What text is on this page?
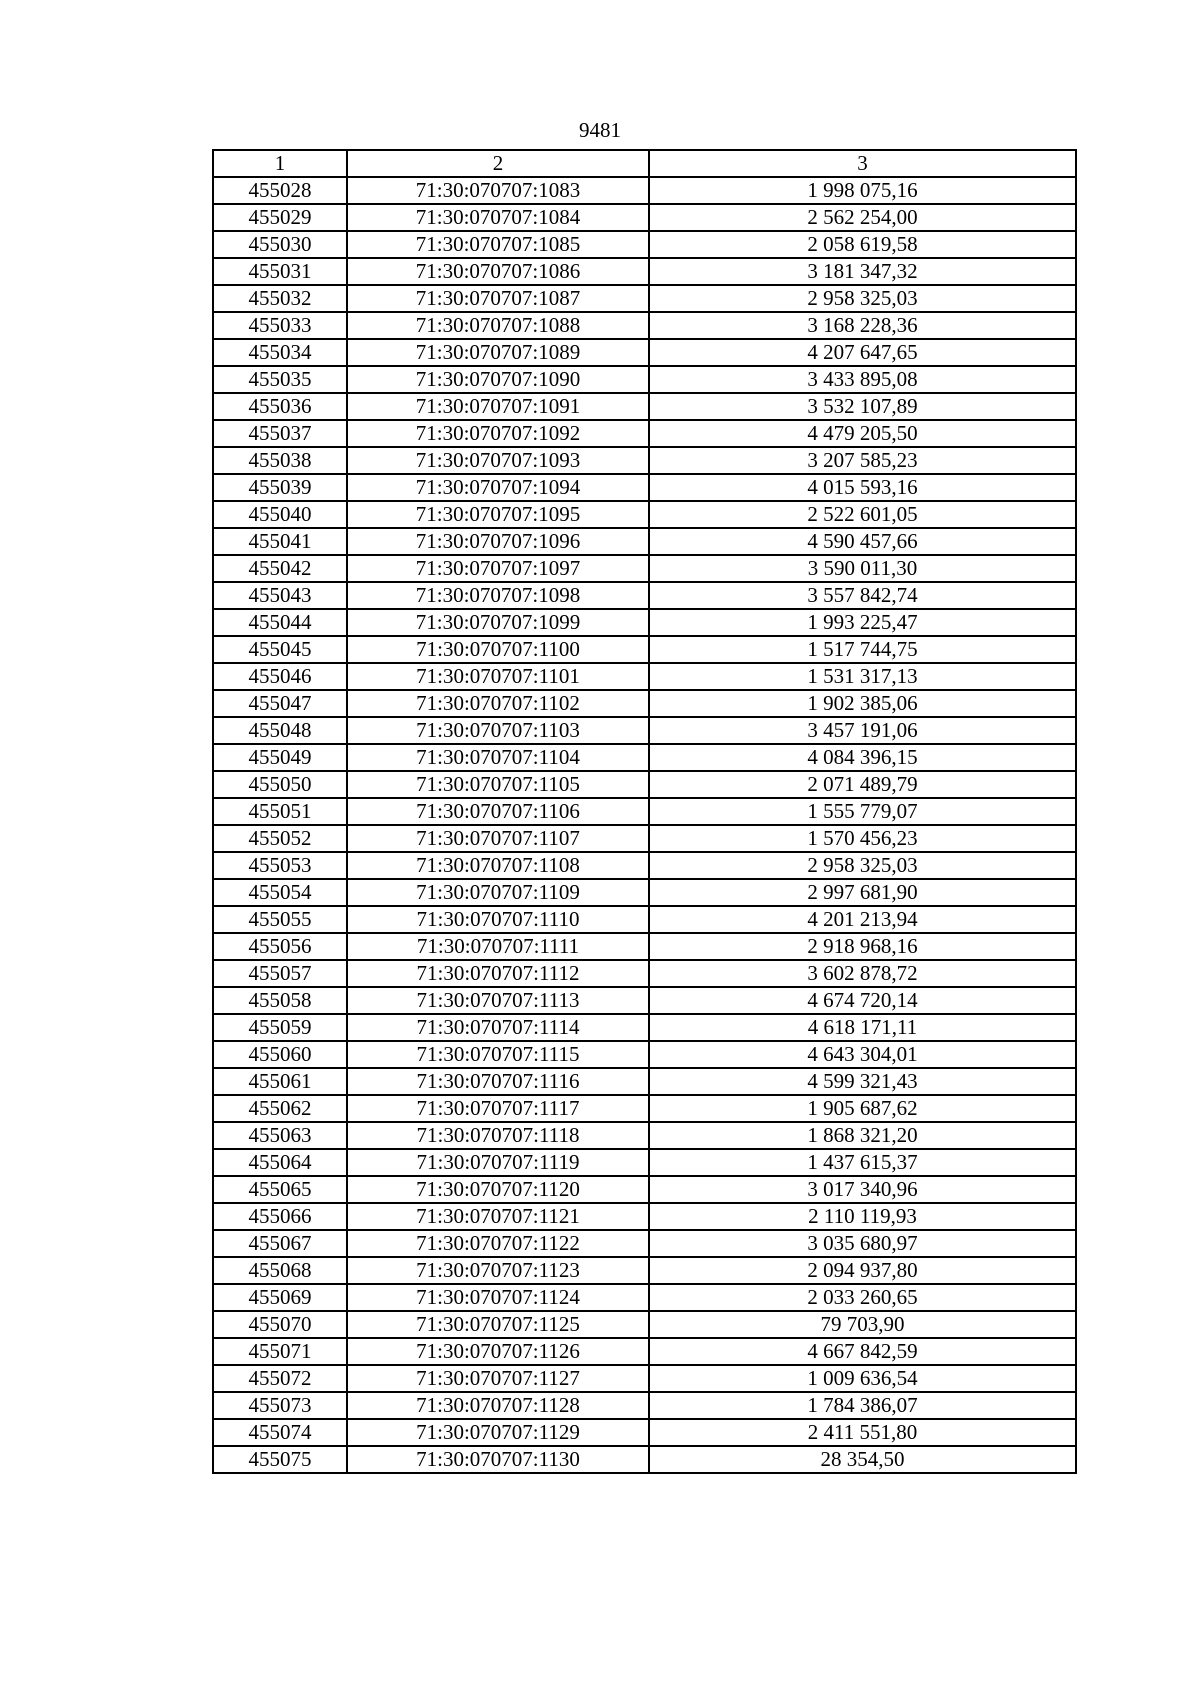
9481
1	2	3
455028	71:30:070707:1083	1 998 075,16
455029	71:30:070707:1084	2 562 254,00
455030	71:30:070707:1085	2 058 619,58
455031	71:30:070707:1086	3 181 347,32
455032	71:30:070707:1087	2 958 325,03
455033	71:30:070707:1088	3 168 228,36
455034	71:30:070707:1089	4 207 647,65
455035	71:30:070707:1090	3 433 895,08
455036	71:30:070707:1091	3 532 107,89
455037	71:30:070707:1092	4 479 205,50
455038	71:30:070707:1093	3 207 585,23
455039	71:30:070707:1094	4 015 593,16
455040	71:30:070707:1095	2 522 601,05
455041	71:30:070707:1096	4 590 457,66
455042	71:30:070707:1097	3 590 011,30
455043	71:30:070707:1098	3 557 842,74
455044	71:30:070707:1099	1 993 225,47
455045	71:30:070707:1100	1 517 744,75
455046	71:30:070707:1101	1 531 317,13
455047	71:30:070707:1102	1 902 385,06
455048	71:30:070707:1103	3 457 191,06
455049	71:30:070707:1104	4 084 396,15
455050	71:30:070707:1105	2 071 489,79
455051	71:30:070707:1106	1 555 779,07
455052	71:30:070707:1107	1 570 456,23
455053	71:30:070707:1108	2 958 325,03
455054	71:30:070707:1109	2 997 681,90
455055	71:30:070707:1110	4 201 213,94
455056	71:30:070707:1111	2 918 968,16
455057	71:30:070707:1112	3 602 878,72
455058	71:30:070707:1113	4 674 720,14
455059	71:30:070707:1114	4 618 171,11
455060	71:30:070707:1115	4 643 304,01
455061	71:30:070707:1116	4 599 321,43
455062	71:30:070707:1117	1 905 687,62
455063	71:30:070707:1118	1 868 321,20
455064	71:30:070707:1119	1 437 615,37
455065	71:30:070707:1120	3 017 340,96
455066	71:30:070707:1121	2 110 119,93
455067	71:30:070707:1122	3 035 680,97
455068	71:30:070707:1123	2 094 937,80
455069	71:30:070707:1124	2 033 260,65
455070	71:30:070707:1125	79 703,90
455071	71:30:070707:1126	4 667 842,59
455072	71:30:070707:1127	1 009 636,54
455073	71:30:070707:1128	1 784 386,07
455074	71:30:070707:1129	2 411 551,80
455075	71:30:070707:1130	28 354,50
